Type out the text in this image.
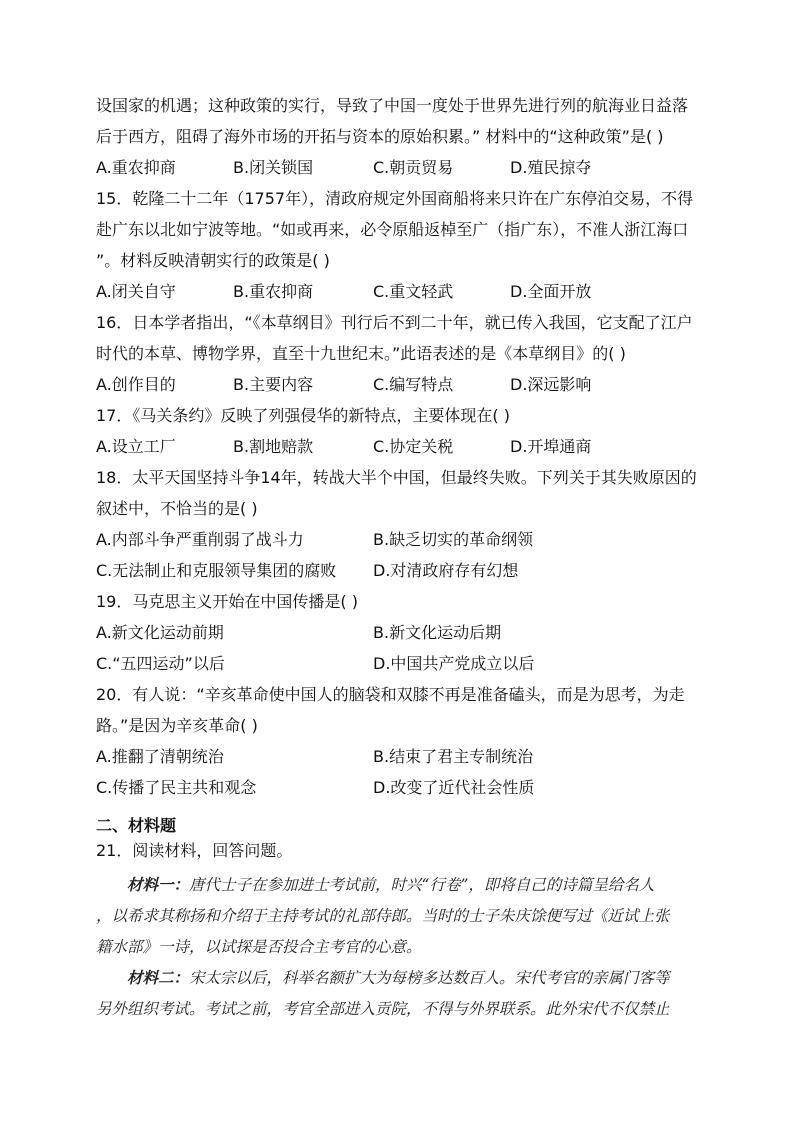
设国家的机遇；这种政策的实行，导致了中国一度处于世界先进行列的航海业日益落
后于西方，阻碍了海外市场的开拓与资本的原始积累。” 材料中的“这种政策”是( )
A.重农抑商	B.闭关锁国	C.朝贡贸易	D.殖民掠夺
15．乾隆二十二年（1757年），清政府规定外国商船将来只许在广东停泊交易，不得
赴广东以北如宁波等地。“如或再来，必令原船返棹至广（指广东），不准人浙江海口
”。材料反映清朝实行的政策是( )
A.闭关自守	B.重农抑商	C.重文轻武	D.全面开放
16．日本学者指出，“《本草纲目》刊行后不到二十年，就已传入我国，它支配了江户
时代的本草、博物学界，直至十九世纪末。”此语表述的是《本草纲目》的( )
A.创作目的	B.主要内容	C.编写特点	D.深远影响
17．《马关条约》反映了列强侵华的新特点，主要体现在( )
A.设立工厂	B.割地赔款	C.协定关税	D.开埠通商
18．太平天国坚持斗争14年，转战大半个中国，但最终失败。下列关于其失败原因的
叙述中，不恰当的是( )
A.内部斗争严重削弱了战斗力	B.缺乏切实的革命纲领
C.无法制止和克服领导集团的腐败 D.对清政府存有幻想
19．马克思主义开始在中国传播是( )
A.新文化运动前期	B.新文化运动后期
C.“五四运动”以后	D.中国共产党成立以后
20．有人说：“辛亥革命使中国人的脑袋和双膝不再是准备磕头，而是为思考，为走
路。”是因为辛亥革命( )
A.推翻了清朝统治	B.结束了君主专制统治
C.传播了民主共和观念	D.改变了近代社会性质
二、材料题
21．阅读材料，回答问题。
材料一：唐代士子在参加进士考试前，时兴“行卷”，即将自己的诗篇呈给名人
，以希求其称扬和介绍于主持考试的礼部侍郎。当时的士子朱庆馀便写过《近试上张
籍水部》一诗，以试探是否投合主考官的心意。
材料二：宋太宗以后，科举名额扩大为每榜多达数百人。宋代考官的亲属门客等
另外组织考试。考试之前，考官全部进入贡院，不得与外界联系。此外宋代不仅禁止
